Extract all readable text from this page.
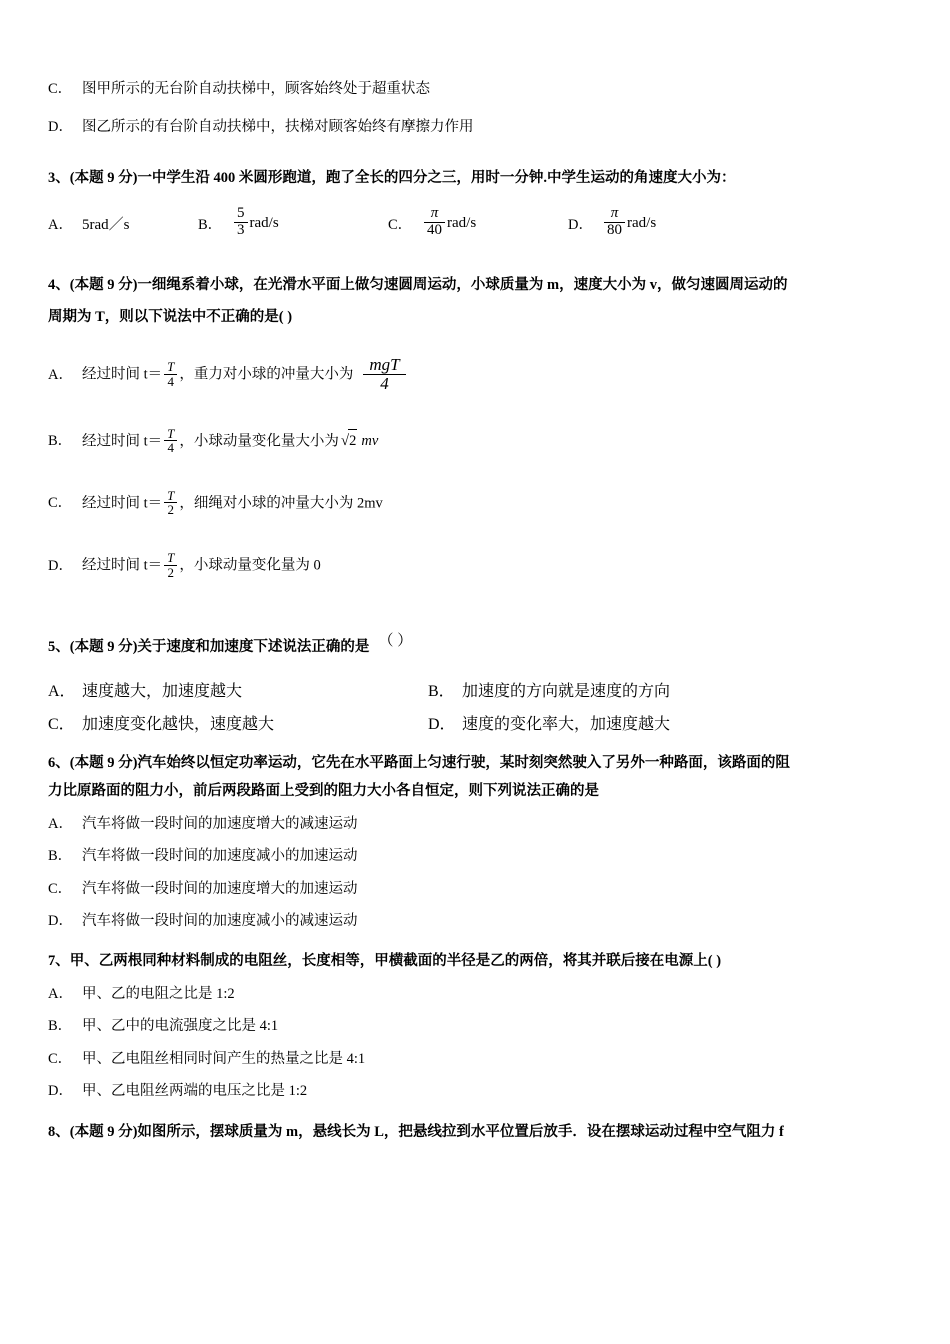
C． 图甲所示的无台阶自动扶梯中，顾客始终处于超重状态
D． 图乙所示的有台阶自动扶梯中，扶梯对顾客始终有摩擦力作用
3、(本题 9 分)一中学生沿 400 米圆形跑道，跑了全长的四分之三，用时一分钟.中学生运动的角速度大小为：
A． 5rad／s	B． $\frac{5}{3} rad/s$	C． $\frac{\pi}{40} rad/s$	D． $\frac{\pi}{80} rad/s$
4、(本题 9 分)一细绳系着小球，在光滑水平面上做匀速圆周运动，小球质量为 m，速度大小为 v，做匀速圆周运动的
周期为 T，则以下说法中不正确的是( )
A． 经过时间 $t= \frac{T}{4}$ ，重力对小球的冲量大小为 $\frac{\text{mgT}}{4}$
B． 经过时间 $t= \frac{T}{4}$ ，小球动量变化量大小为 √2 mv
C． 经过时间 $t= \frac{T}{2}$ ，细绳对小球的冲量大小为 2mv
D． 经过时间 $t= \frac{T}{2}$ ，小球动量变化量为 0
5、(本题 9 分)关于速度和加速度下述说法正确的是 （ ）
A． 速度越大，加速度越大	B． 加速度的方向就是速度的方向
C． 加速度变化越快，速度越大	D． 速度的变化率大，加速度越大
6、(本题 9 分)汽车始终以恒定功率运动，它先在水平路面上匀速行驶，某时刻突然驶入了另外一种路面，该路面的阻
力比原路面的阻力小，前后两段路面上受到的阻力大小各自恒定，则下列说法正确的是
A． 汽车将做一段时间的加速度增大的减速运动
B． 汽车将做一段时间的加速度减小的加速运动
C． 汽车将做一段时间的加速度增大的加速运动
D． 汽车将做一段时间的加速度减小的减速运动
7、甲、乙两根同种材料制成的电阻丝，长度相等，甲横截面的半径是乙的两倍，将其并联后接在电源上( )
A． 甲、乙的电阻之比是 1:2
B． 甲、乙中的电流强度之比是 4:1
C． 甲、乙电阻丝相同时间产生的热量之比是 4:1
D． 甲、乙电阻丝两端的电压之比是 1:2
8、(本题 9 分)如图所示，摆球质量为 m，悬线长为 L，把悬线拉到水平位置后放手．设在摆球运动过程中空气阻力 f
